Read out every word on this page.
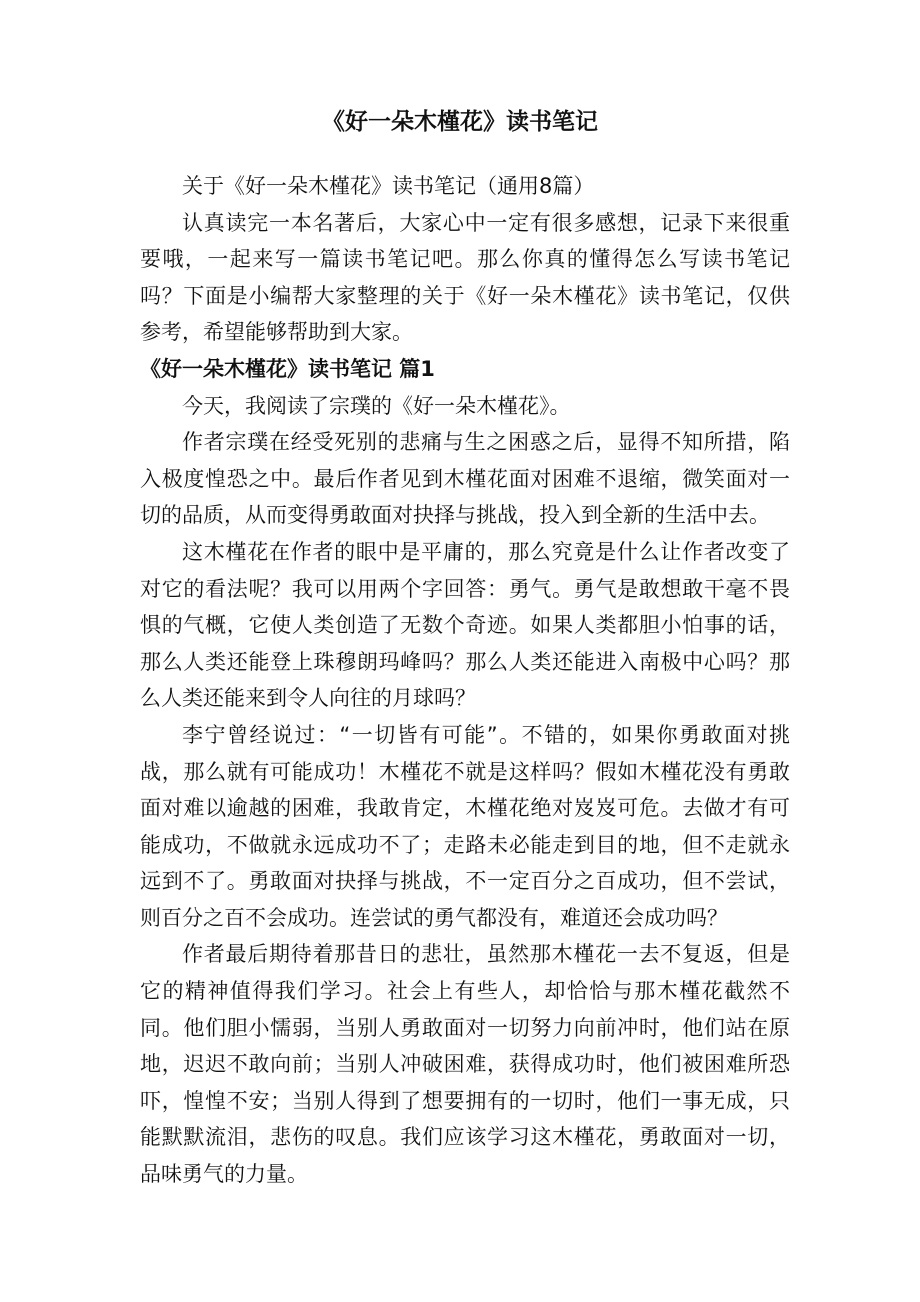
《好一朵木槿花》读书笔记

关于《好一朵木槿花》读书笔记（通用8篇）

认真读完一本名著后，大家心中一定有很多感想，记录下来很重要哦，一起来写一篇读书笔记吧。那么你真的懂得怎么写读书笔记吗？下面是小编帮大家整理的关于《好一朵木槿花》读书笔记，仅供参考，希望能够帮助到大家。

《好一朵木槿花》读书笔记 篇1

今天，我阅读了宗璞的《好一朵木槿花》。

作者宗璞在经受死别的悲痛与生之困惑之后，显得不知所措，陷入极度惶恐之中。最后作者见到木槿花面对困难不退缩，微笑面对一切的品质，从而变得勇敢面对抉择与挑战，投入到全新的生活中去。

这木槿花在作者的眼中是平庸的，那么究竟是什么让作者改变了对它的看法呢？我可以用两个字回答：勇气。勇气是敢想敢干毫不畏惧的气概，它使人类创造了无数个奇迹。如果人类都胆小怕事的话，那么人类还能登上珠穆朗玛峰吗？那么人类还能进入南极中心吗？那么人类还能来到令人向往的月球吗？

李宁曾经说过：“一切皆有可能”。不错的，如果你勇敢面对挑战，那么就有可能成功！木槿花不就是这样吗？假如木槿花没有勇敢面对难以逾越的困难，我敢肯定，木槿花绝对岌岌可危。去做才有可能成功，不做就永远成功不了；走路未必能走到目的地，但不走就永远到不了。勇敢面对抉择与挑战，不一定百分之百成功，但不尝试，则百分之百不会成功。连尝试的勇气都没有，难道还会成功吗？

作者最后期待着那昔日的悲壮，虽然那木槿花一去不复返，但是它的精神值得我们学习。社会上有些人，却恰恰与那木槿花截然不同。他们胆小懦弱，当别人勇敢面对一切努力向前冲时，他们站在原地，迟迟不敢向前；当别人冲破困难，获得成功时，他们被困难所恐吓，惶惶不安；当别人得到了想要拥有的一切时，他们一事无成，只能默默流泪，悲伤的叹息。我们应该学习这木槿花，勇敢面对一切，品味勇气的力量。
